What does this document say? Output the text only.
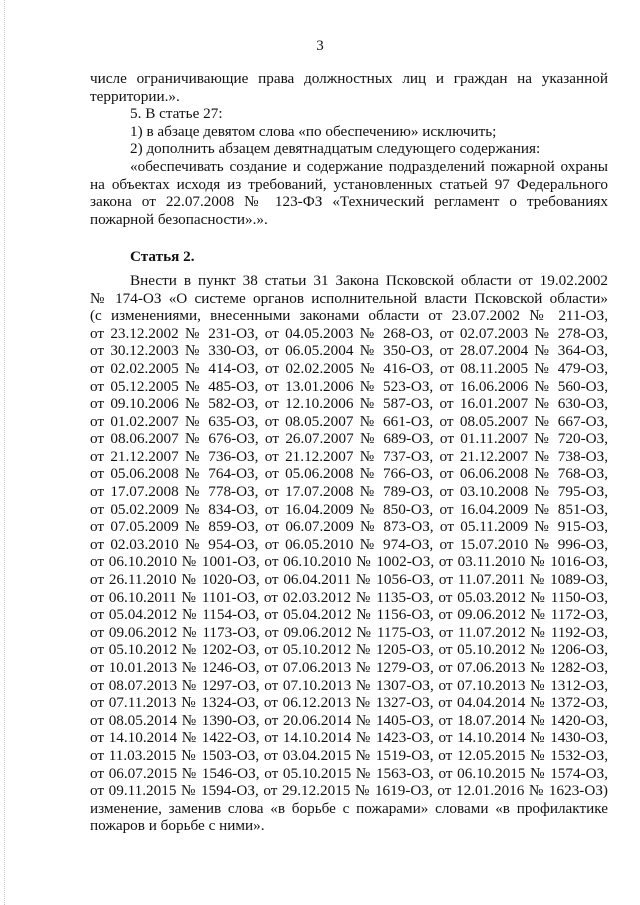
3
числе ограничивающие права должностных лиц и граждан на указанной
территории.».
5. В статье 27:
1) в абзаце девятом слова «по обеспечению» исключить;
2) дополнить абзацем девятнадцатым следующего содержания:
«обеспечивать создание и содержание подразделений пожарной охраны
на объектах исходя из требований, установленных статьей 97 Федерального
закона от 22.07.2008 № 123-ФЗ «Технический регламент о требованиях
пожарной безопасности».».

Статья 2.

Внести в пункт 38 статьи 31 Закона Псковской области от 19.02.2002
№ 174-ОЗ «О системе органов исполнительной власти Псковской области»
(с изменениями, внесенными законами области от 23.07.2002 № 211-ОЗ,
от 23.12.2002 № 231-ОЗ, от 04.05.2003 № 268-ОЗ, от 02.07.2003 № 278-ОЗ,
от 30.12.2003 № 330-ОЗ, от 06.05.2004 № 350-ОЗ, от 28.07.2004 № 364-ОЗ,
от 02.02.2005 № 414-ОЗ, от 02.02.2005 № 416-ОЗ, от 08.11.2005 № 479-ОЗ,
от 05.12.2005 № 485-ОЗ, от 13.01.2006 № 523-ОЗ, от 16.06.2006 № 560-ОЗ,
от 09.10.2006 № 582-ОЗ, от 12.10.2006 № 587-ОЗ, от 16.01.2007 № 630-ОЗ,
от 01.02.2007 № 635-ОЗ, от 08.05.2007 № 661-ОЗ, от 08.05.2007 № 667-ОЗ,
от 08.06.2007 № 676-ОЗ, от 26.07.2007 № 689-ОЗ, от 01.11.2007 № 720-ОЗ,
от 21.12.2007 № 736-ОЗ, от 21.12.2007 № 737-ОЗ, от 21.12.2007 № 738-ОЗ,
от 05.06.2008 № 764-ОЗ, от 05.06.2008 № 766-ОЗ, от 06.06.2008 № 768-ОЗ,
от 17.07.2008 № 778-ОЗ, от 17.07.2008 № 789-ОЗ, от 03.10.2008 № 795-ОЗ,
от 05.02.2009 № 834-ОЗ, от 16.04.2009 № 850-ОЗ, от 16.04.2009 № 851-ОЗ,
от 07.05.2009 № 859-ОЗ, от 06.07.2009 № 873-ОЗ, от 05.11.2009 № 915-ОЗ,
от 02.03.2010 № 954-ОЗ, от 06.05.2010 № 974-ОЗ, от 15.07.2010 № 996-ОЗ,
от 06.10.2010 № 1001-ОЗ, от 06.10.2010 № 1002-ОЗ, от 03.11.2010 № 1016-ОЗ,
от 26.11.2010 № 1020-ОЗ, от 06.04.2011 № 1056-ОЗ, от 11.07.2011 № 1089-ОЗ,
от 06.10.2011 № 1101-ОЗ, от 02.03.2012 № 1135-ОЗ, от 05.03.2012 № 1150-ОЗ,
от 05.04.2012 № 1154-ОЗ, от 05.04.2012 № 1156-ОЗ, от 09.06.2012 № 1172-ОЗ,
от 09.06.2012 № 1173-ОЗ, от 09.06.2012 № 1175-ОЗ, от 11.07.2012 № 1192-ОЗ,
от 05.10.2012 № 1202-ОЗ, от 05.10.2012 № 1205-ОЗ, от 05.10.2012 № 1206-ОЗ,
от 10.01.2013 № 1246-ОЗ, от 07.06.2013 № 1279-ОЗ, от 07.06.2013 № 1282-ОЗ,
от 08.07.2013 № 1297-ОЗ, от 07.10.2013 № 1307-ОЗ, от 07.10.2013 № 1312-ОЗ,
от 07.11.2013 № 1324-ОЗ, от 06.12.2013 № 1327-ОЗ, от 04.04.2014 № 1372-ОЗ,
от 08.05.2014 № 1390-ОЗ, от 20.06.2014 № 1405-ОЗ, от 18.07.2014 № 1420-ОЗ,
от 14.10.2014 № 1422-ОЗ, от 14.10.2014 № 1423-ОЗ, от 14.10.2014 № 1430-ОЗ,
от 11.03.2015 № 1503-ОЗ, от 03.04.2015 № 1519-ОЗ, от 12.05.2015 № 1532-ОЗ,
от 06.07.2015 № 1546-ОЗ, от 05.10.2015 № 1563-ОЗ, от 06.10.2015 № 1574-ОЗ,
от 09.11.2015 № 1594-ОЗ, от 29.12.2015 № 1619-ОЗ, от 12.01.2016 № 1623-ОЗ)
изменение, заменив слова «в борьбе с пожарами» словами «в профилактике
пожаров и борьбе с ними».
